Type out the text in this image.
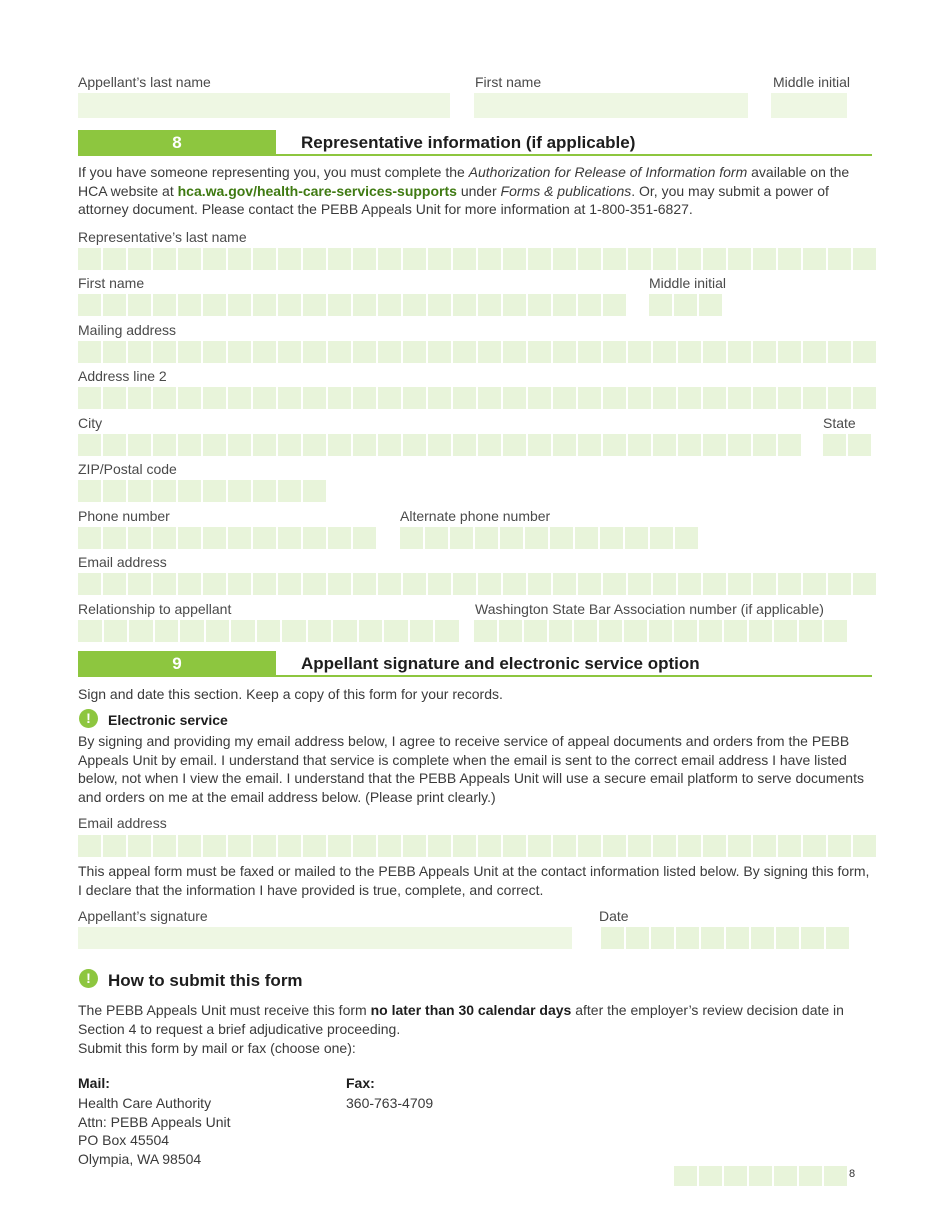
Appellant’s last name	First name	Middle initial
8	Representative information (if applicable)
If you have someone representing you, you must complete the Authorization for Release of Information form available on the HCA website at hca.wa.gov/health-care-services-supports under Forms & publications. Or, you may submit a power of attorney document. Please contact the PEBB Appeals Unit for more information at 1-800-351-6827.
Representative’s last name
First name	Middle initial
Mailing address
Address line 2
City	State
ZIP/Postal code
Phone number	Alternate phone number
Email address
Relationship to appellant	Washington State Bar Association number (if applicable)
9	Appellant signature and electronic service option
Sign and date this section. Keep a copy of this form for your records.
!	Electronic service
By signing and providing my email address below, I agree to receive service of appeal documents and orders from the PEBB Appeals Unit by email. I understand that service is complete when the email is sent to the correct email address I have listed below, not when I view the email. I understand that the PEBB Appeals Unit will use a secure email platform to serve documents and orders on me at the email address below. (Please print clearly.)
Email address
This appeal form must be faxed or mailed to the PEBB Appeals Unit at the contact information listed below. By signing this form, I declare that the information I have provided is true, complete, and correct.
Appellant’s signature	Date
!	How to submit this form
The PEBB Appeals Unit must receive this form no later than 30 calendar days after the employer’s review decision date in Section 4 to request a brief adjudicative proceeding.
Submit this form by mail or fax (choose one):
Mail:
Health Care Authority
Attn: PEBB Appeals Unit
PO Box 45504
Olympia, WA 98504
Fax:
360-763-4709
8
